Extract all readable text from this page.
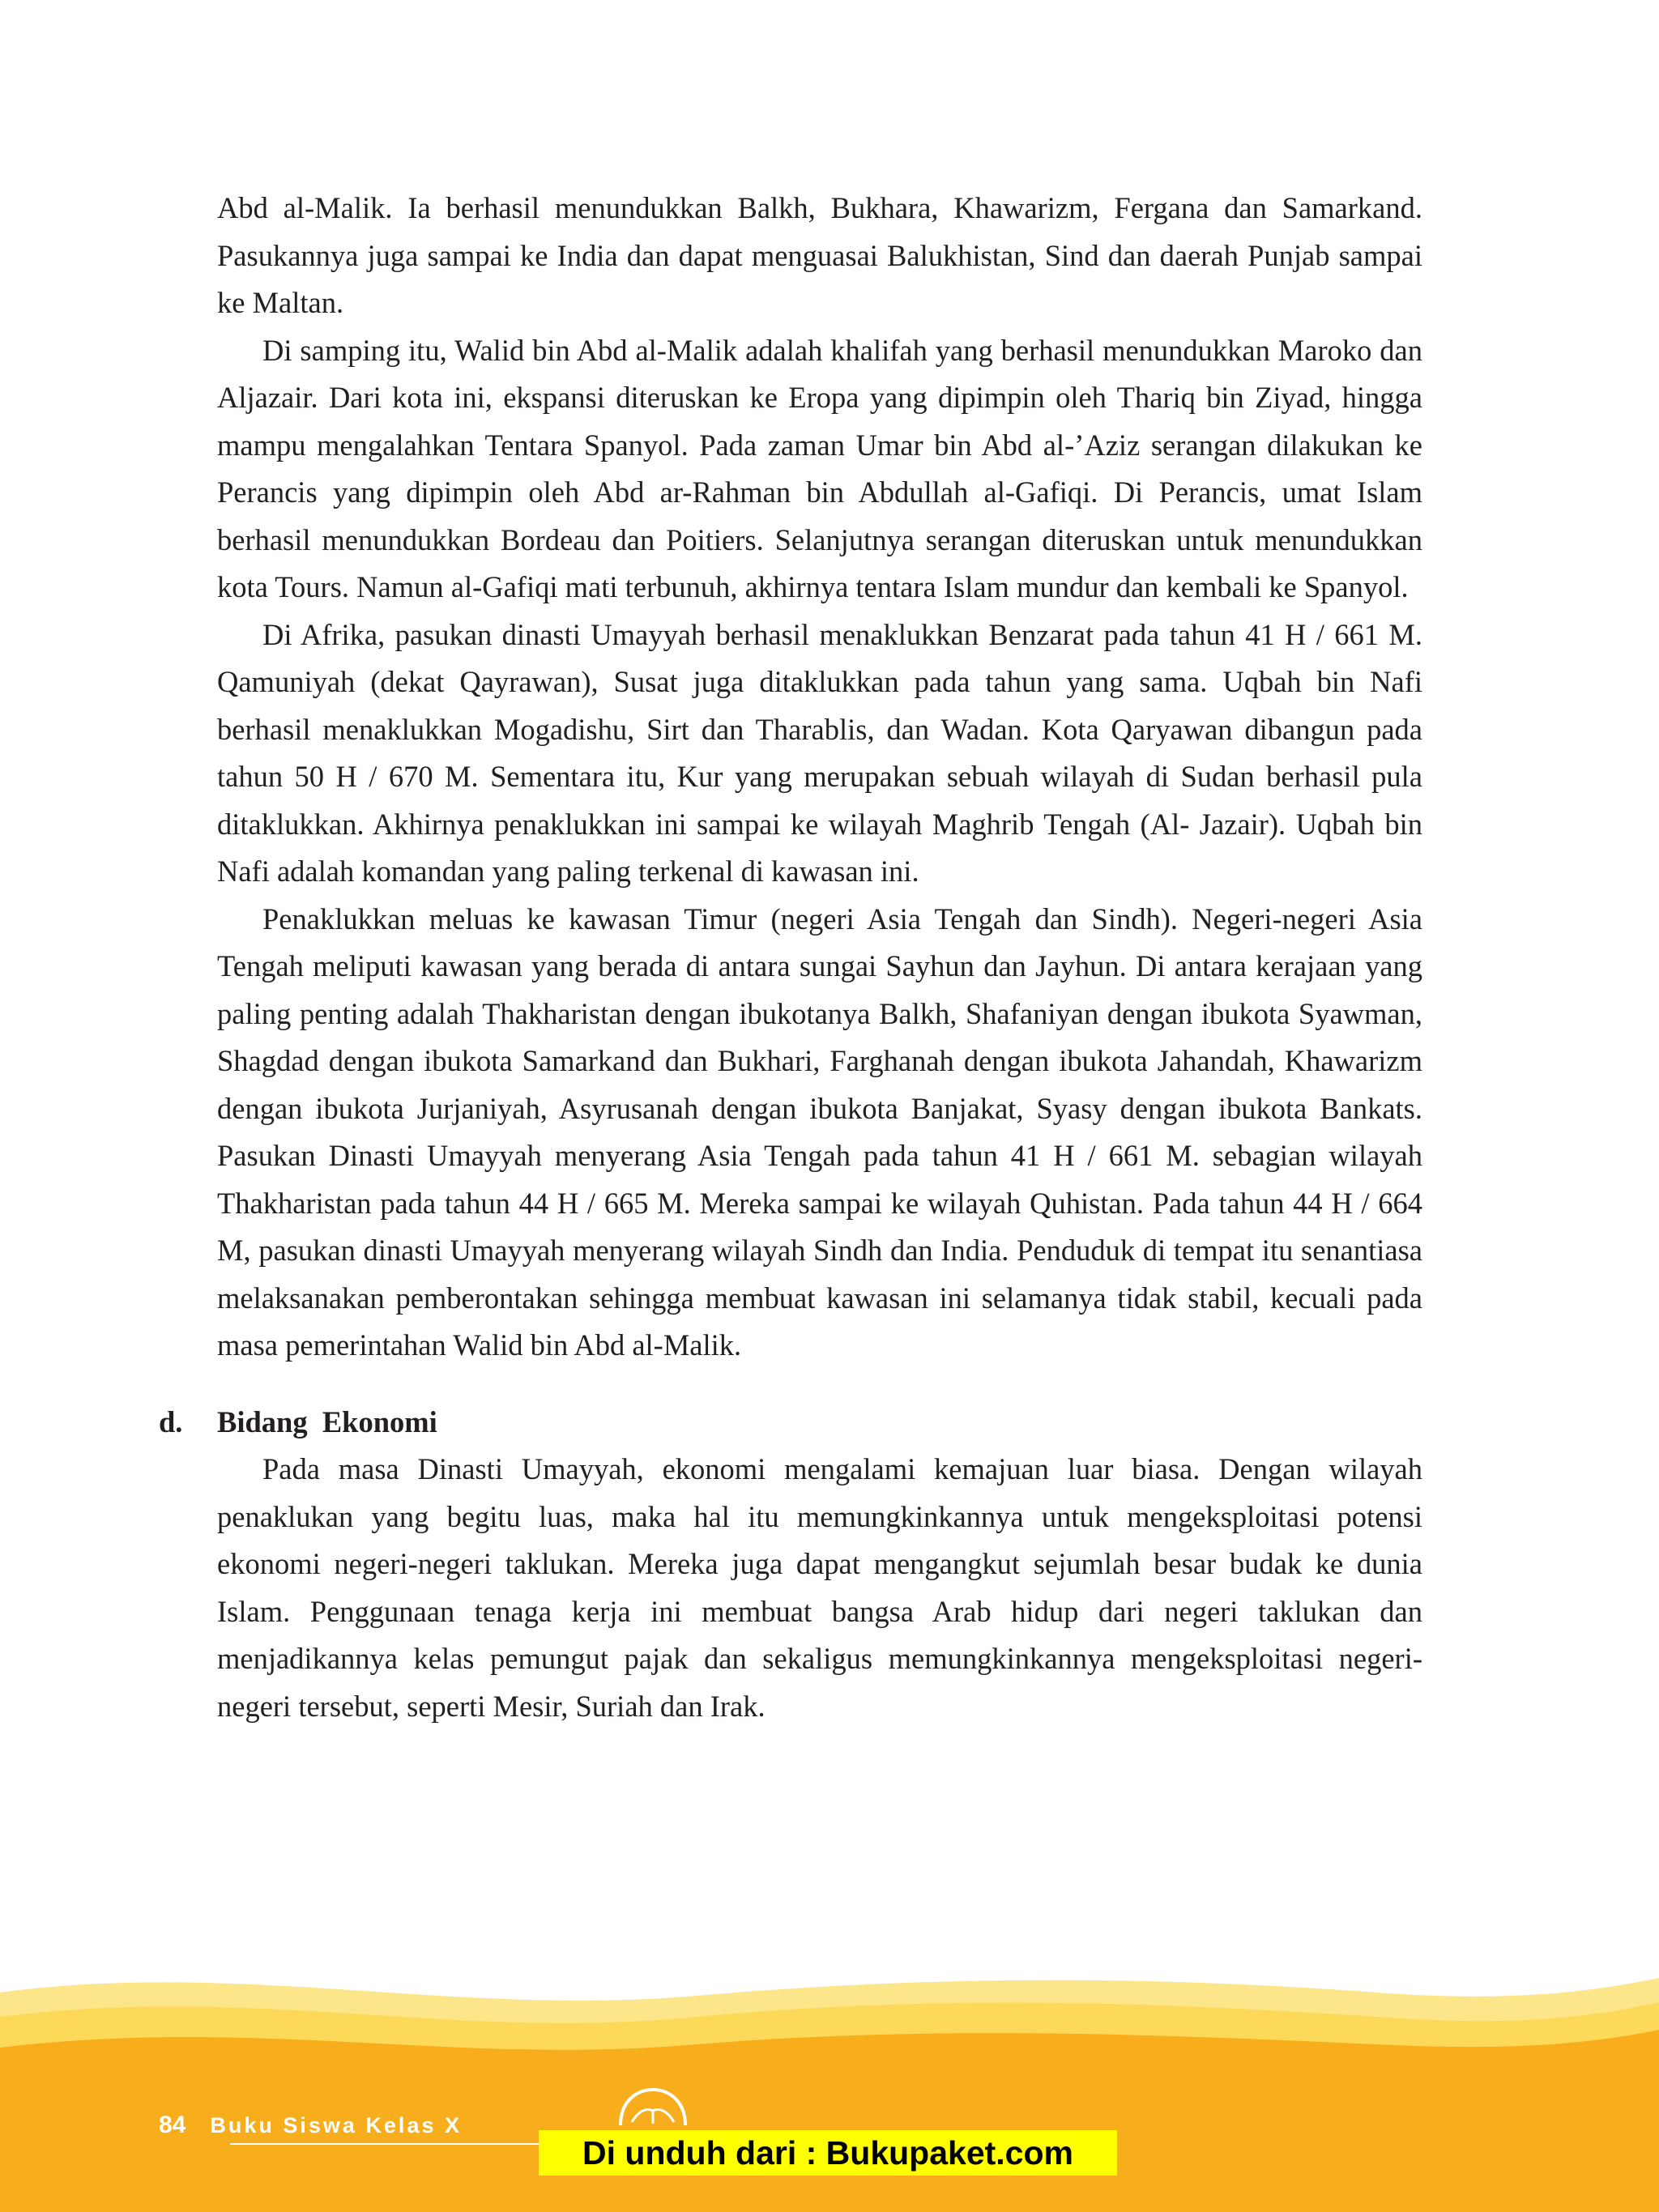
Abd al-Malik. Ia berhasil menundukkan Balkh, Bukhara, Khawarizm, Fergana dan Samarkand. Pasukannya juga sampai ke India dan dapat menguasai Balukhistan, Sind dan daerah Punjab sampai ke Maltan.

Di samping itu, Walid bin Abd al-Malik adalah khalifah yang berhasil menundukkan Maroko dan Aljazair. Dari kota ini, ekspansi diteruskan ke Eropa yang dipimpin oleh Thariq bin Ziyad, hingga mampu mengalahkan Tentara Spanyol. Pada zaman Umar bin Abd al-’Aziz serangan dilakukan ke Perancis yang dipimpin oleh Abd ar-Rahman bin Abdullah al-Gafiqi. Di Perancis, umat Islam berhasil menundukkan Bordeau dan Poitiers. Selanjutnya serangan diteruskan untuk menundukkan kota Tours. Namun al-Gafiqi mati terbunuh, akhirnya tentara Islam mundur dan kembali ke Spanyol.

Di Afrika, pasukan dinasti Umayyah berhasil menaklukkan Benzarat pada tahun 41 H / 661 M. Qamuniyah (dekat Qayrawan), Susat juga ditaklukkan pada tahun yang sama. Uqbah bin Nafi berhasil menaklukkan Mogadishu, Sirt dan Tharablis, dan Wadan. Kota Qaryawan dibangun pada tahun 50 H / 670 M. Sementara itu, Kur yang merupakan sebuah wilayah di Sudan berhasil pula ditaklukkan. Akhirnya penaklukkan ini sampai ke wilayah Maghrib Tengah (Al- Jazair). Uqbah bin Nafi adalah komandan yang paling terkenal di kawasan ini.

Penaklukkan meluas ke kawasan Timur (negeri Asia Tengah dan Sindh). Negeri-negeri Asia Tengah meliputi kawasan yang berada di antara sungai Sayhun dan Jayhun. Di antara kerajaan yang paling penting adalah Thakharistan dengan ibukotanya Balkh, Shafaniyan dengan ibukota Syawman, Shagdad dengan ibukota Samarkand dan Bukhari, Farghanah dengan ibukota Jahandah, Khawarizm dengan ibukota Jurjaniyah, Asyrusanah dengan ibukota Banjakat, Syasy dengan ibukota Bankats. Pasukan Dinasti Umayyah menyerang Asia Tengah pada tahun 41 H / 661 M. sebagian wilayah Thakharistan pada tahun 44 H / 665 M. Mereka sampai ke wilayah Quhistan. Pada tahun 44 H / 664 M, pasukan dinasti Umayyah menyerang wilayah Sindh dan India. Penduduk di tempat itu senantiasa melaksanakan pemberontakan sehingga membuat kawasan ini selamanya tidak stabil, kecuali pada masa pemerintahan Walid bin Abd al-Malik.

d. Bidang  Ekonomi

Pada masa Dinasti Umayyah, ekonomi mengalami kemajuan luar biasa. Dengan wilayah penaklukan yang begitu luas, maka hal itu memungkinkannya untuk mengeksploitasi potensi ekonomi negeri-negeri taklukan. Mereka juga dapat mengangkut sejumlah besar budak ke dunia Islam. Penggunaan tenaga kerja ini membuat bangsa Arab hidup dari negeri taklukan dan menjadikannya kelas pemungut pajak dan sekaligus memungkinkannya mengeksploitasi negeri- negeri tersebut, seperti Mesir, Suriah dan Irak.

84 Buku Siswa Kelas X
Di unduh dari : Bukupaket.com
